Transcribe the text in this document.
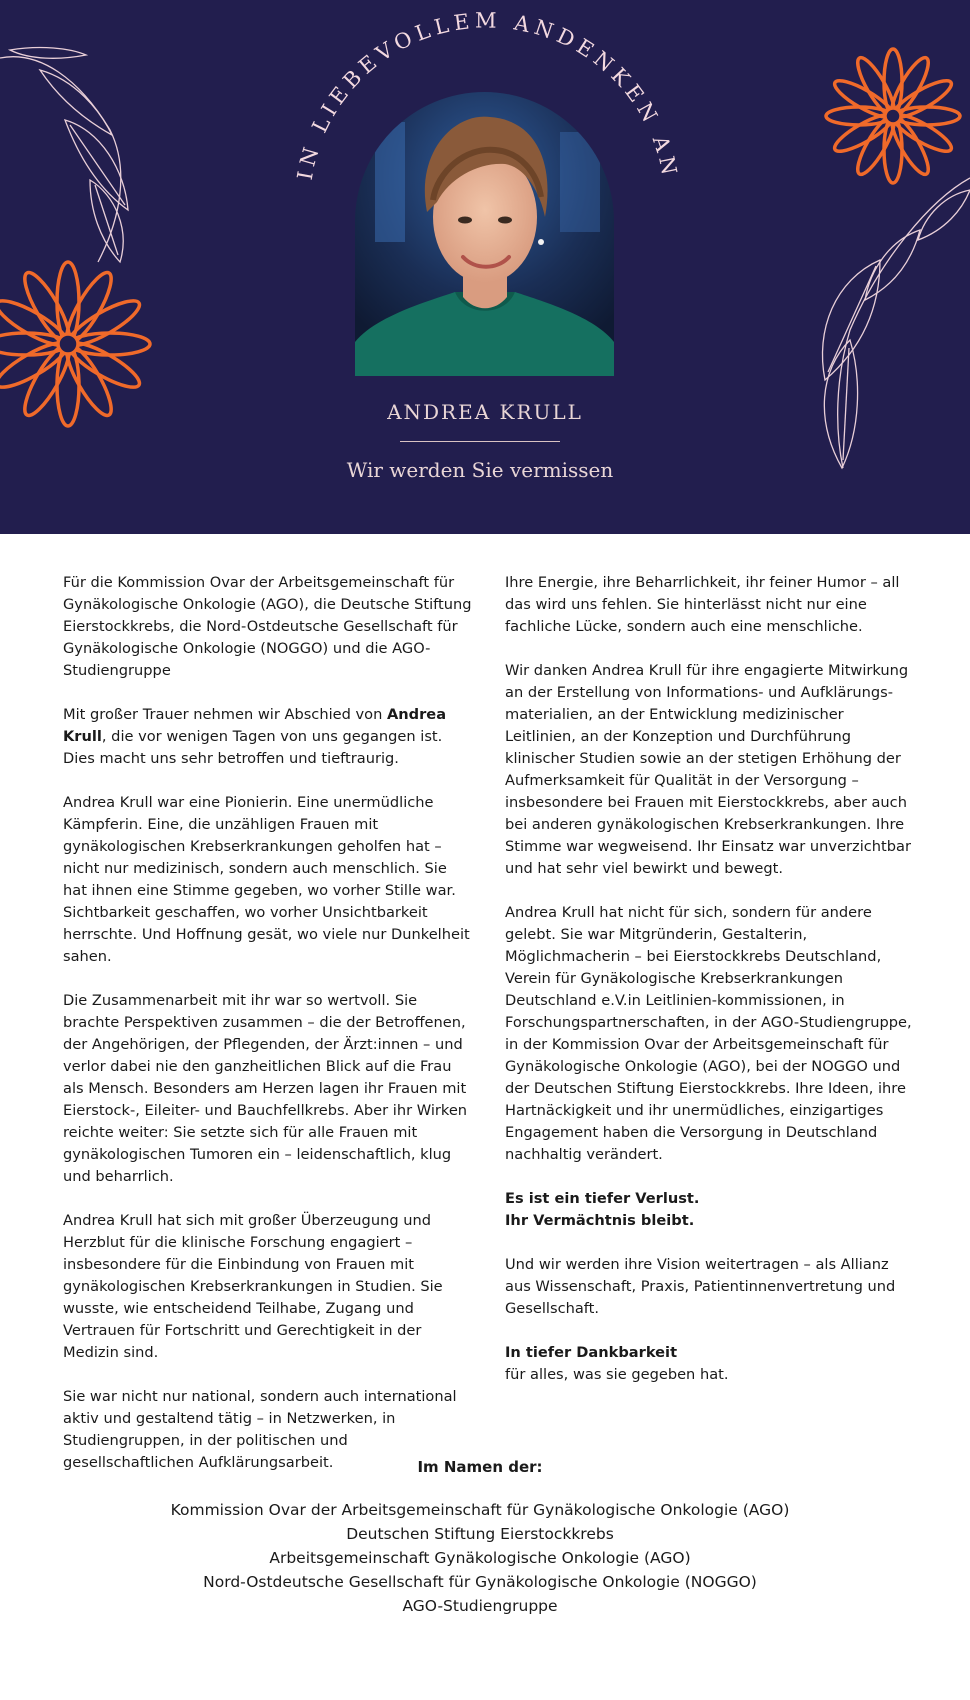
IN LIEBEVOLLEM ANDENKEN AN
ANDREA KRULL
Wir werden Sie vermissen

Für die Kommission Ovar der Arbeitsgemeinschaft für Gynäkologische Onkologie (AGO), die Deutsche Stiftung Eierstockkrebs, die Nord-Ostdeutsche Gesellschaft für Gynäkologische Onkologie (NOGGO) und die AGO-Studiengruppe

Mit großer Trauer nehmen wir Abschied von Andrea Krull, die vor wenigen Tagen von uns gegangen ist. Dies macht uns sehr betroffen und tieftraurig.

Andrea Krull war eine Pionierin. Eine unermüdliche Kämpferin. Eine, die unzähligen Frauen mit gynäkologischen Krebserkrankungen geholfen hat – nicht nur medizinisch, sondern auch menschlich. Sie hat ihnen eine Stimme gegeben, wo vorher Stille war. Sichtbarkeit geschaffen, wo vorher Unsichtbarkeit herrschte. Und Hoffnung gesät, wo viele nur Dunkelheit sahen.

Die Zusammenarbeit mit ihr war so wertvoll. Sie brachte Perspektiven zusammen – die der Betroffenen, der Angehörigen, der Pflegenden, der Ärzt:innen – und verlor dabei nie den ganzheitlichen Blick auf die Frau als Mensch. Besonders am Herzen lagen ihr Frauen mit Eierstock-, Eileiter- und Bauchfellkrebs. Aber ihr Wirken reichte weiter: Sie setzte sich für alle Frauen mit gynäkologischen Tumoren ein – leidenschaftlich, klug und beharrlich.

Andrea Krull hat sich mit großer Überzeugung und Herzblut für die klinische Forschung engagiert – insbesondere für die Einbindung von Frauen mit gynäkologischen Krebserkrankungen in Studien. Sie wusste, wie entscheidend Teilhabe, Zugang und Vertrauen für Fortschritt und Gerechtigkeit in der Medizin sind.

Sie war nicht nur national, sondern auch international aktiv und gestaltend tätig – in Netzwerken, in Studiengruppen, in der politischen und gesellschaftlichen Aufklärungsarbeit.

Ihre Energie, ihre Beharrlichkeit, ihr feiner Humor – all das wird uns fehlen. Sie hinterlässt nicht nur eine fachliche Lücke, sondern auch eine menschliche.

Wir danken Andrea Krull für ihre engagierte Mitwirkung an der Erstellung von Informations- und Aufklärungs-materialien, an der Entwicklung medizinischer Leitlinien, an der Konzeption und Durchführung klinischer Studien sowie an der stetigen Erhöhung der Aufmerksamkeit für Qualität in der Versorgung – insbesondere bei Frauen mit Eierstockkrebs, aber auch bei anderen gynäkologischen Krebserkrankungen. Ihre Stimme war wegweisend. Ihr Einsatz war unverzichtbar und hat sehr viel bewirkt und bewegt.

Andrea Krull hat nicht für sich, sondern für andere gelebt. Sie war Mitgründerin, Gestalterin, Möglichmacherin – bei Eierstockkrebs Deutschland, Verein für Gynäkologische Krebserkrankungen Deutschland e.V.in Leitlinien-kommissionen, in Forschungspartnerschaften, in der AGO-Studiengruppe, in der Kommission Ovar der Arbeitsgemeinschaft für Gynäkologische Onkologie (AGO), bei der NOGGO und der Deutschen Stiftung Eierstockkrebs. Ihre Ideen, ihre Hartnäckigkeit und ihr unermüdliches, einzigartiges Engagement haben die Versorgung in Deutschland nachhaltig verändert.

Es ist ein tiefer Verlust.
Ihr Vermächtnis bleibt.

Und wir werden ihre Vision weitertragen – als Allianz aus Wissenschaft, Praxis, Patientinnenvertretung und Gesellschaft.

In tiefer Dankbarkeit
für alles, was sie gegeben hat.

Im Namen der:
Kommission Ovar der Arbeitsgemeinschaft für Gynäkologische Onkologie (AGO)
Deutschen Stiftung Eierstockkrebs
Arbeitsgemeinschaft Gynäkologische Onkologie (AGO)
Nord-Ostdeutsche Gesellschaft für Gynäkologische Onkologie (NOGGO)
AGO-Studiengruppe
